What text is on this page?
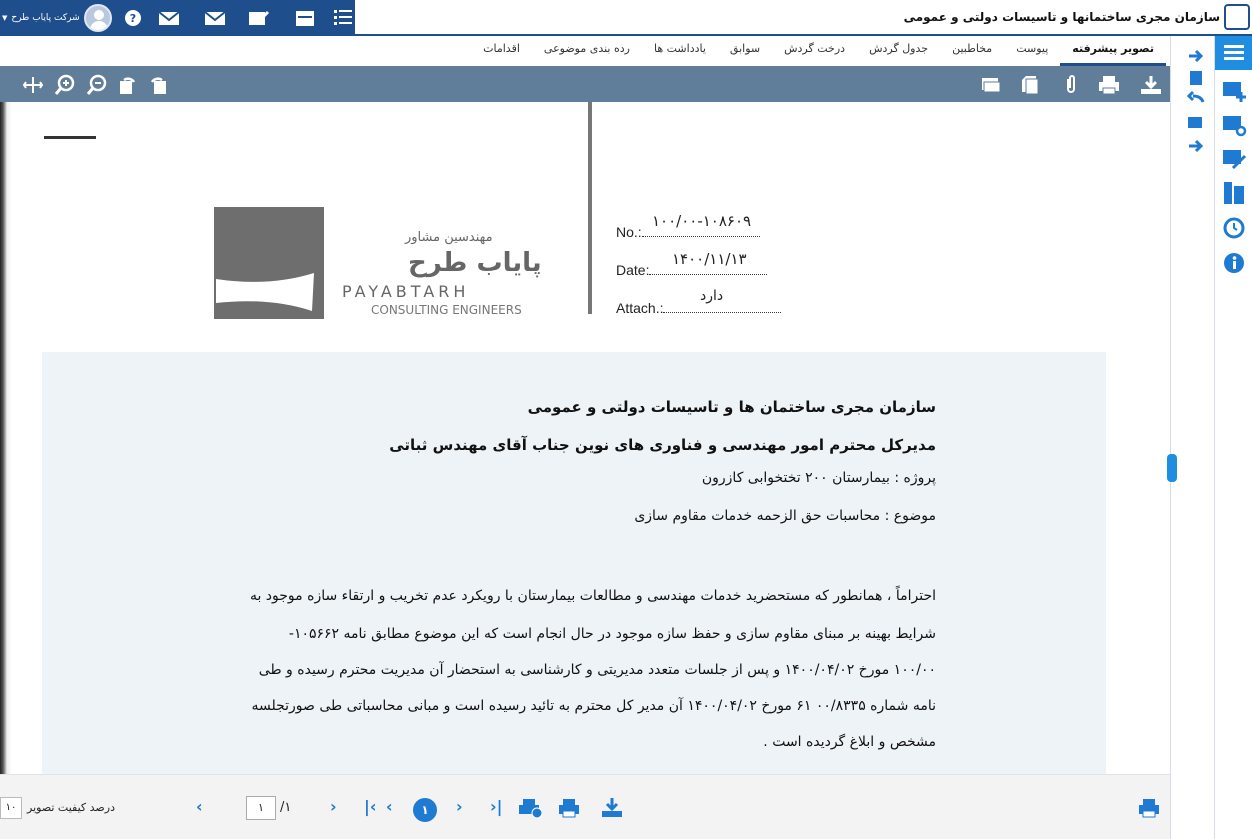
▼ شرکت پایاب طرح	?	سازمان مجری ساختمانها و تاسیسات دولتی و عمومی
تصویر پیشرفته
پیوست
مخاطبین
جدول گردش
درخت گردش
سوابق
یادداشت ها
رده بندی موضوعی
اقدامات
مهندسین مشاور
پایاب طرح
PAYABTARH
CONSULTING ENGINEERS
No.:
۱۰۰/۰۰-۱۰۸۶۰۹
Date:
۱۴۰۰/۱۱/۱۳
Attach.:
دارد
سازمان مجری ساختمان ها و تاسیسات دولتی و عمومی
مدیرکل محترم امور مهندسی و فناوری های نوین جناب آقای مهندس ثباتی
پروژه : بیمارستان ۲۰۰ تختخوابی کازرون
موضوع : محاسبات حق الزحمه خدمات مقاوم سازی
احتراماً ، همانطور که مستحضرید خدمات مهندسی و مطالعات بیمارستان با رویکرد عدم تخریب و ارتقاء سازه موجود به
شرایط بهینه بر مبنای مقاوم سازی و حفظ سازه موجود در حال انجام است که این موضوع مطابق نامه ۱۰۵۶۶۲-
۱۰۰/۰۰ مورخ ۱۴۰۰/۰۴/۰۲ و پس از جلسات متعدد مدیریتی و کارشناسی به استحضار آن مدیریت محترم رسیده و طی
نامه شماره ۰۰/۸۳۳۵ ۶۱ مورخ ۱۴۰۰/۰۴/۰۲ آن مدیر کل محترم به تائید رسیده است و مبانی محاسباتی طی صورتجلسه
مشخص و ابلاغ گردیده است .
۱۰ درصد کیفیت تصویر	‹	۱	/۱ › |‹ ‹	۱	› ›|
